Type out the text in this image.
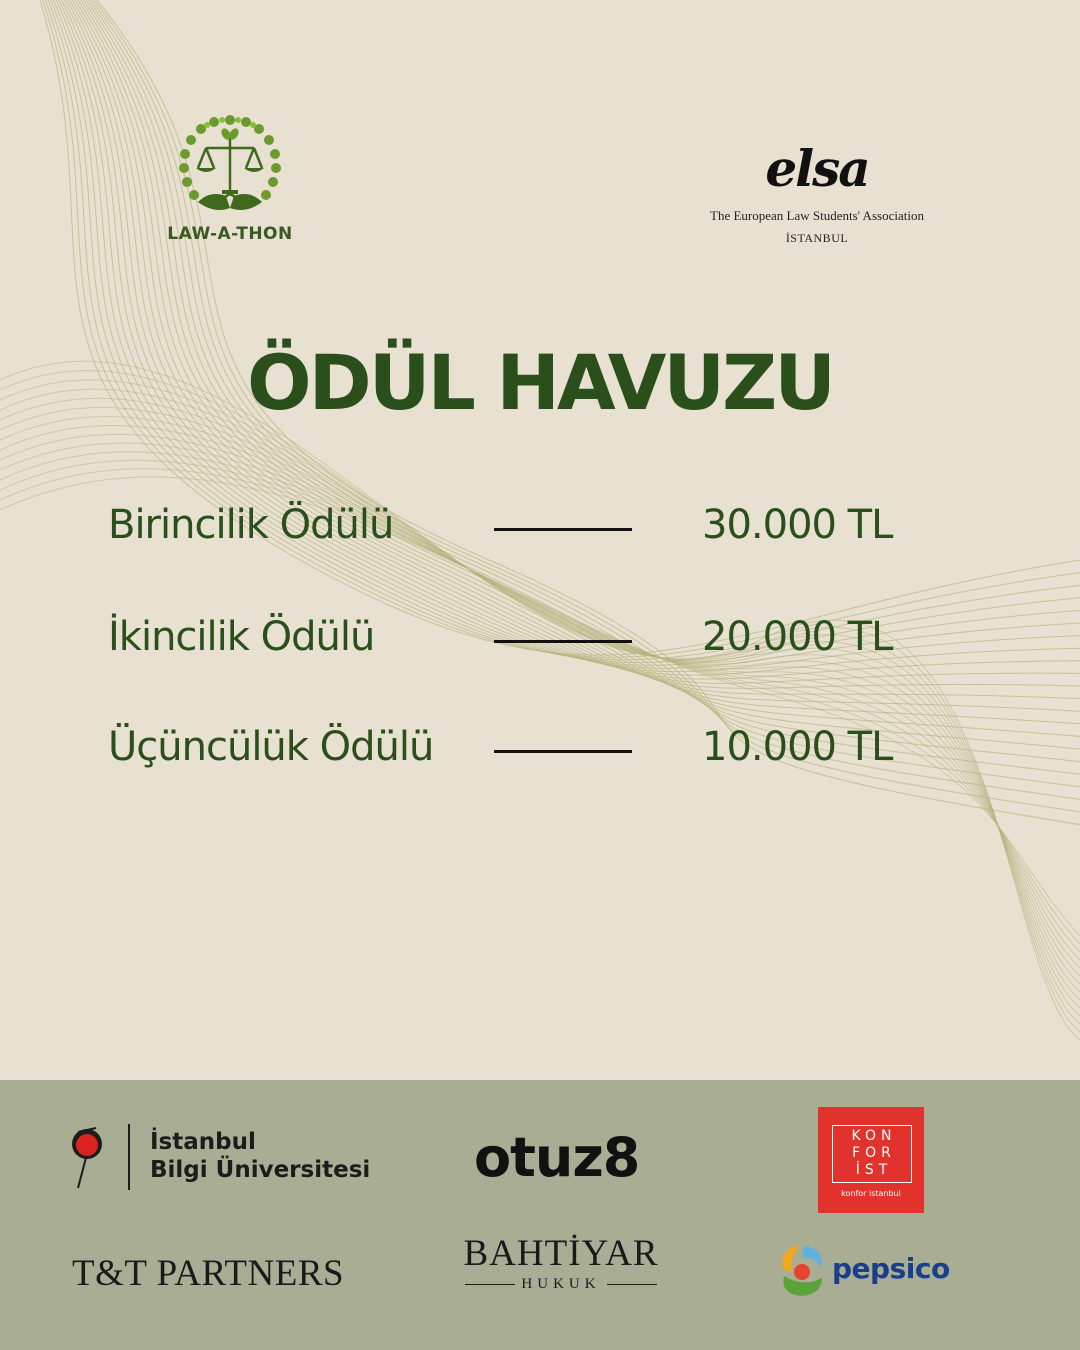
LAW-A-THON
elsa
The European Law Students' Association
İSTANBUL
ÖDÜL HAVUZU
Birincilik Ödülü	30.000 TL
İkincilik Ödülü	20.000 TL
Üçüncülük Ödülü	10.000 TL
İstanbul
Bilgi Üniversitesi otuz8	KON
FOR
İST
konfor istanbul
T&T PARTNERS	BAHTİYAR
HUKUK	pepsico
